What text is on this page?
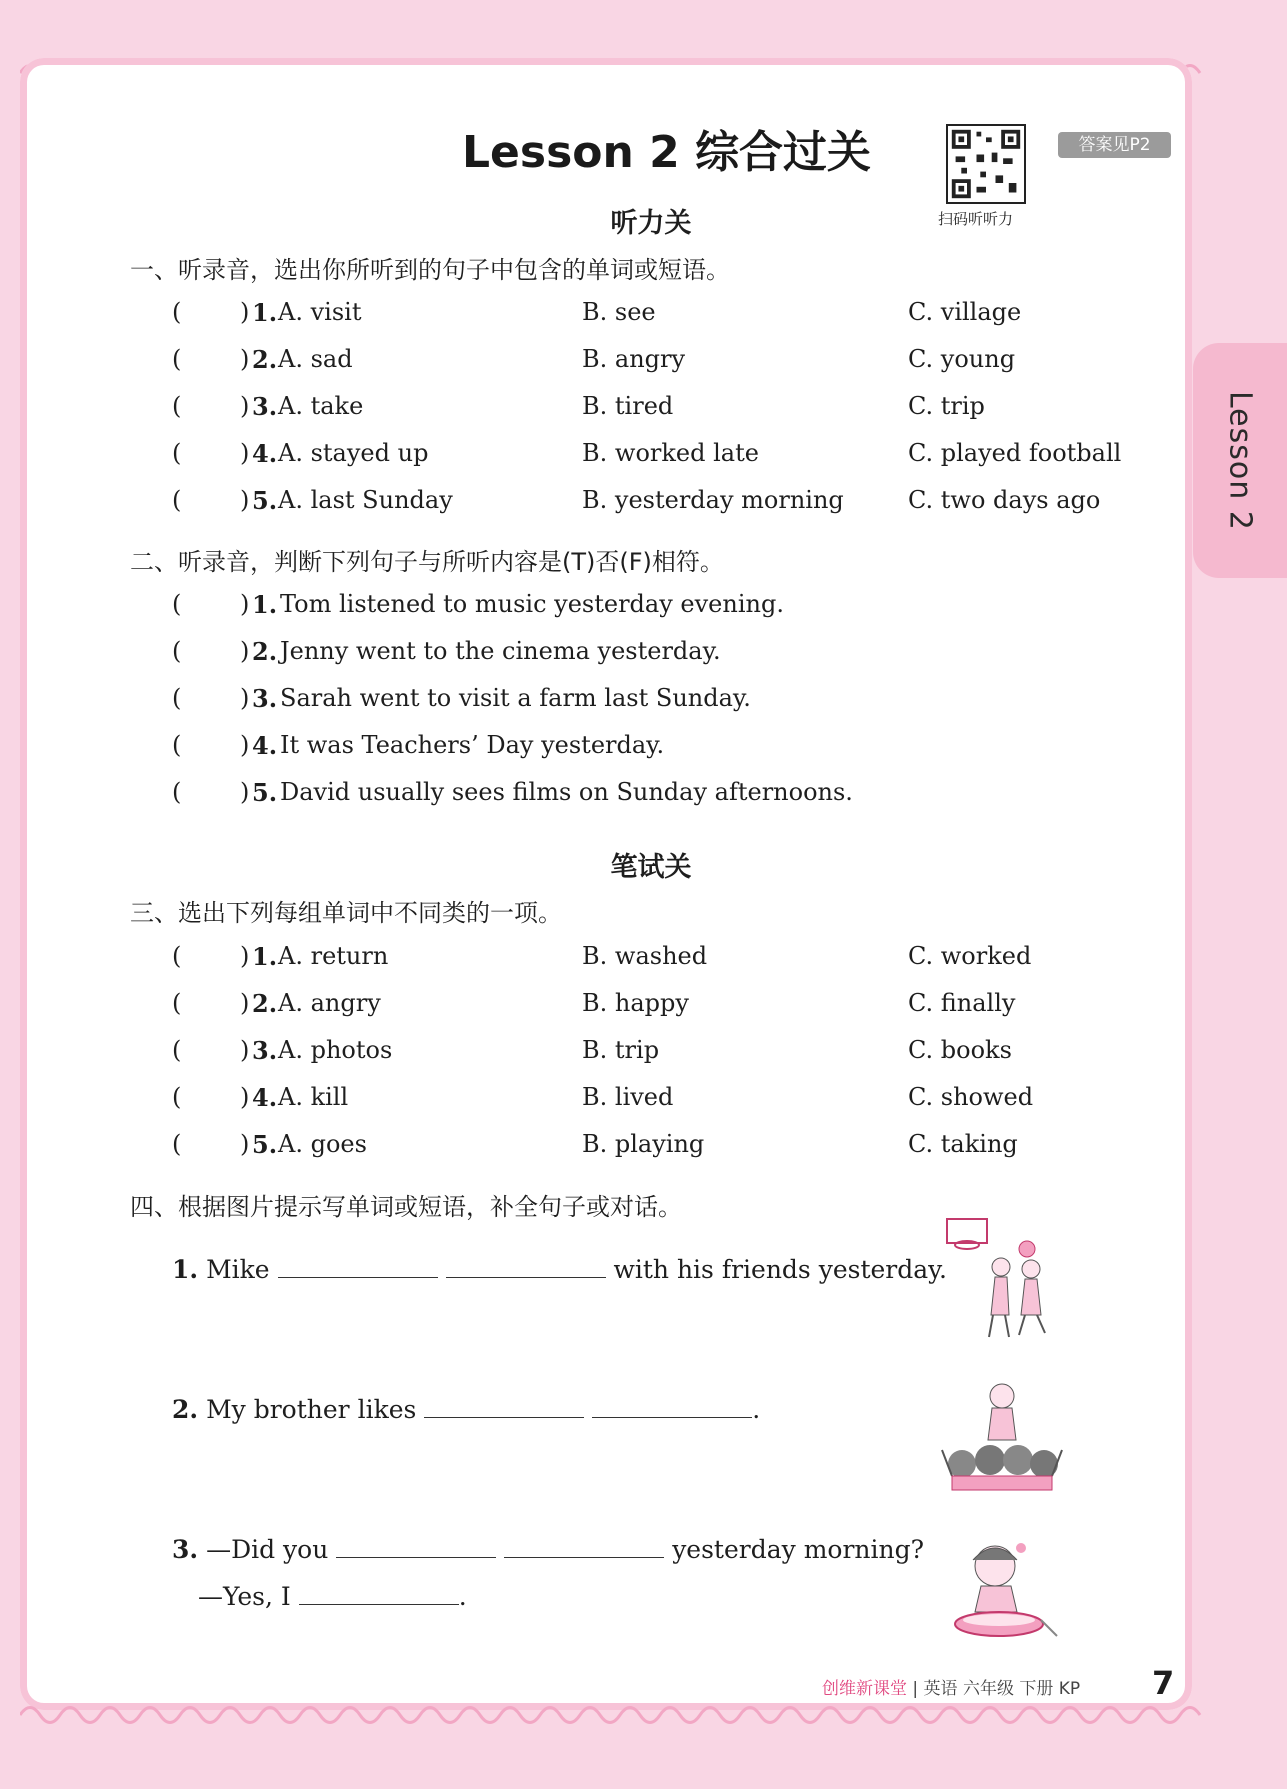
Lesson 2
Lesson 2 综合过关
扫码听听力
答案见P2
听力关
一、听录音，选出你所听到的句子中包含的单词或短语。
( ) 1. A. visit	B. see	C. village
( ) 2. A. sad	B. angry	C. young
( ) 3. A. take	B. tired	C. trip
( ) 4. A. stayed up	B. worked late	C. played football
( ) 5. A. last Sunday	B. yesterday morning	C. two days ago
二、听录音，判断下列句子与所听内容是(T)否(F)相符。
( ) 1. Tom listened to music yesterday evening.
( ) 2. Jenny went to the cinema yesterday.
( ) 3. Sarah went to visit a farm last Sunday.
( ) 4. It was Teachers’ Day yesterday.
( ) 5. David usually sees films on Sunday afternoons.
笔试关
三、选出下列每组单词中不同类的一项。
( ) 1. A. return	B. washed	C. worked
( ) 2. A. angry	B. happy	C. finally
( ) 3. A. photos	B. trip	C. books
( ) 4. A. kill	B. lived	C. showed
( ) 5. A. goes	B. playing	C. taking
四、根据图片提示写单词或短语，补全句子或对话。
1. Mike	with his friends yesterday.
2. My brother likes	.
3. —Did you	yesterday morning?
—Yes, I	.
创维新课堂 | 英语 六年级 下册 KP 7
